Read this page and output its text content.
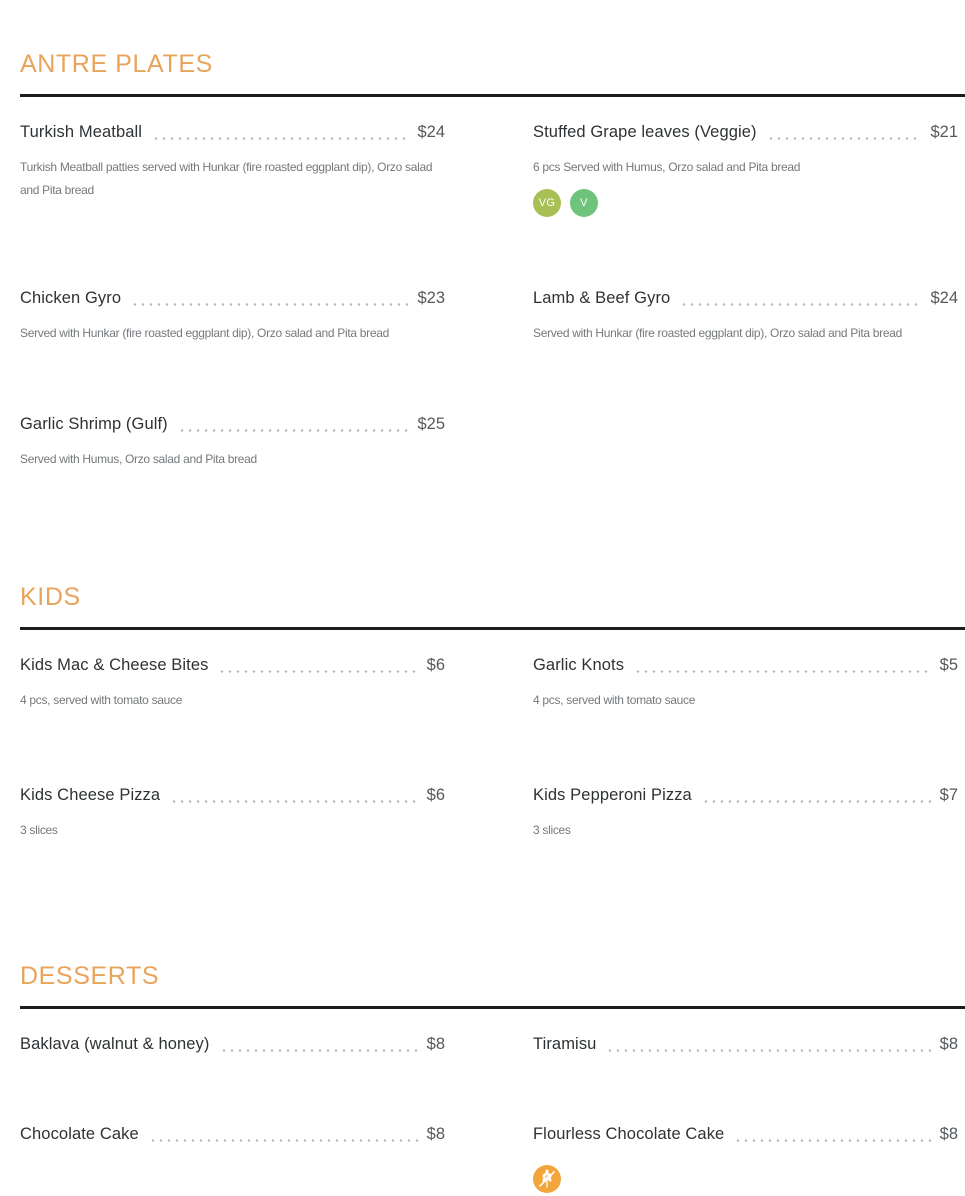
ANTRE PLATES
Turkish Meatball	$24

Turkish Meatball patties served with Hunkar (fire roasted eggplant dip), Orzo salad and Pita bread

Stuffed Grape leaves (Veggie)	$21

6 pcs Served with Humus, Orzo salad and Pita bread

VG	V
Chicken Gyro	$23

Served with Hunkar (fire roasted eggplant dip), Orzo salad and Pita bread

Lamb & Beef Gyro	$24

Served with Hunkar (fire roasted eggplant dip), Orzo salad and Pita bread

Garlic Shrimp (Gulf)	$25

Served with Humus, Orzo salad and Pita bread

KIDS
Kids Mac & Cheese Bites	$6

4 pcs, served with tomato sauce

Garlic Knots	$5

4 pcs, served with tomato sauce

Kids Cheese Pizza	$6

3 slices

Kids Pepperoni Pizza	$7

3 slices

DESSERTS
Baklava (walnut & honey)	$8	Tiramisu	$8
Chocolate Cake	$8	Flourless Chocolate Cake	$8
